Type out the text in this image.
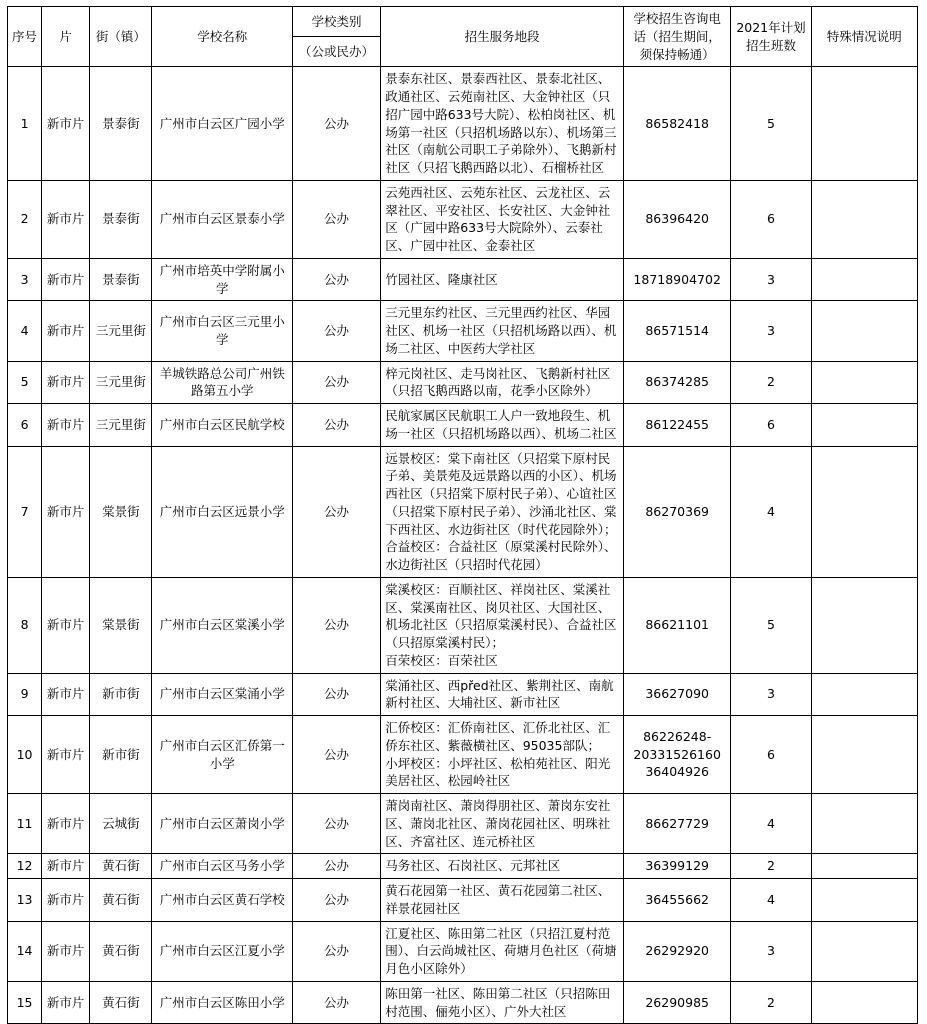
序号	片	街（镇）	学校名称	学校类别	招生服务地段	学校招生咨询电话（招生期间，须保持畅通）	2021年计划招生班数	特殊情况说明
				（公或民办）				
1	新市片	景泰街	广州市白云区广园小学	公办	景泰东社区、景泰西社区、景泰北社区、政通社区、云苑南社区、大金钟社区（只招广园中路633号大院）、松柏岗社区、机场第一社区（只招机场路以东）、机场第三社区（南航公司职工子弟除外）、飞鹅新村社区（只招飞鹅西路以北）、石榴桥社区	86582418	5	
2	新市片	景泰街	广州市白云区景泰小学	公办	云苑西社区、云苑东社区、云龙社区、云翠社区、平安社区、长安社区、大金钟社区（广园中路633号大院除外）、云泰社区、广园中社区、金泰社区	86396420	6	
3	新市片	景泰街	广州市培英中学附属小学	公办	竹园社区、隆康社区	18718904702	3	
4	新市片	三元里街	广州市白云区三元里小学	公办	三元里东约社区、三元里西约社区、华园社区、机场一社区（只招机场路以西）、机场二社区、中医药大学社区	86571514	3	
5	新市片	三元里街	羊城铁路总公司广州铁路第五小学	公办	梓元岗社区、走马岗社区、飞鹅新村社区（只招飞鹅西路以南，花季小区除外）	86374285	2	
6	新市片	三元里街	广州市白云区民航学校	公办	民航家属区民航职工人户一致地段生、机场一社区（只招机场路以西）、机场二社区	86122455	6	
7	新市片	棠景街	广州市白云区远景小学	公办	远景校区：棠下南社区（只招棠下原村民子弟、美景苑及远景路以西的小区）、机场西社区（只招棠下原村民子弟）、心谊社区（只招棠下原村民子弟）、沙涌北社区、棠下西社区、水边街社区（时代花园除外）；
合益校区：合益社区（原棠溪村民除外）、水边街社区（只招时代花园）	86270369	4	
8	新市片	棠景街	广州市白云区棠溪小学	公办	棠溪校区：百顺社区、祥岗社区、棠溪社区、棠溪南社区、岗贝社区、大国社区、机场北社区（只招原棠溪村民）、合益社区（只招原棠溪村民）；
百荣校区：百荣社区	86621101	5	
9	新市片	新市街	广州市白云区棠涌小学	公办	棠涌社区、西před社区、紫荆社区、南航新村社区、大埔社区、新市社区	36627090	3	
10	新市片	新市街	广州市白云区汇侨第一小学	公办	汇侨校区：汇侨南社区、汇侨北社区、汇侨东社区、紫薇横社区、95035部队；
小坪校区：小坪社区、松柏苑社区、阳光美居社区、松园岭社区	86226248-20331526160
36404926	6	
11	新市片	云城街	广州市白云区萧岗小学	公办	萧岗南社区、萧岗得朋社区、萧岗东安社区、萧岗北社区、萧岗花园社区、明珠社区、齐富社区、连元桥社区	86627729	4	
12	新市片	黄石街	广州市白云区马务小学	公办	马务社区、石岗社区、元邦社区	36399129	2	
13	新市片	黄石街	广州市白云区黄石学校	公办	黄石花园第一社区、黄石花园第二社区、祥景花园社区	36455662	4	
14	新市片	黄石街	广州市白云区江夏小学	公办	江夏社区、陈田第二社区（只招江夏村范围）、白云尚城社区、荷塘月色社区（荷塘月色小区除外）	26292920	3	
15	新市片	黄石街	广州市白云区陈田小学	公办	陈田第一社区、陈田第二社区（只招陈田村范围、俪苑小区）、广外大社区	26290985	2	
